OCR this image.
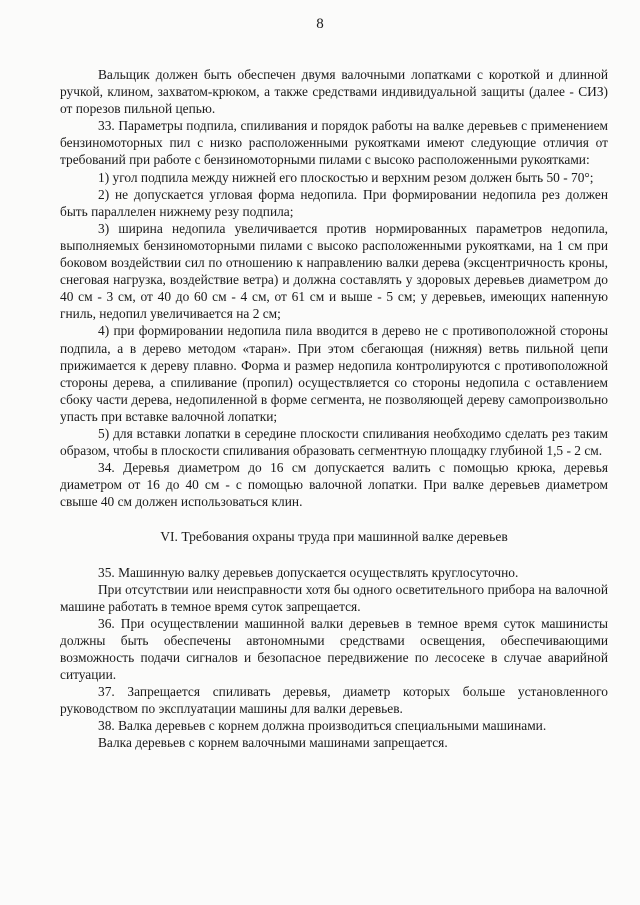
8

Вальщик должен быть обеспечен двумя валочными лопатками с короткой и длинной ручкой, клином, захватом-крюком, а также средствами индивидуальной защиты (далее - СИЗ) от порезов пильной цепью.

33. Параметры подпила, спиливания и порядок работы на валке деревьев с применением бензиномоторных пил с низко расположенными рукоятками имеют следующие отличия от требований при работе с бензиномоторными пилами с высоко расположенными рукоятками:

1) угол подпила между нижней его плоскостью и верхним резом должен быть 50 - 70°;

2) не допускается угловая форма недопила. При формировании недопила рез должен быть параллелен нижнему резу подпила;

3) ширина недопила увеличивается против нормированных параметров недопила, выполняемых бензиномоторными пилами с высоко расположенными рукоятками, на 1 см при боковом воздействии сил по отношению к направлению валки дерева (эксцентричность кроны, снеговая нагрузка, воздействие ветра) и должна составлять у здоровых деревьев диаметром до 40 см - 3 см, от 40 до 60 см - 4 см, от 61 см и выше - 5 см; у деревьев, имеющих напенную гниль, недопил увеличивается на 2 см;

4) при формировании недопила пила вводится в дерево не с противоположной стороны подпила, а в дерево методом «таран». При этом сбегающая (нижняя) ветвь пильной цепи прижимается к дереву плавно. Форма и размер недопила контролируются с противоположной стороны дерева, а спиливание (пропил) осуществляется со стороны недопила с оставлением сбоку части дерева, недопиленной в форме сегмента, не позволяющей дереву самопроизвольно упасть при вставке валочной лопатки;

5) для вставки лопатки в середине плоскости спиливания необходимо сделать рез таким образом, чтобы в плоскости спиливания образовать сегментную площадку глубиной 1,5 - 2 см.

34. Деревья диаметром до 16 см допускается валить с помощью крюка, деревья диаметром от 16 до 40 см - с помощью валочной лопатки. При валке деревьев диаметром свыше 40 см должен использоваться клин.

VI. Требования охраны труда при машинной валке деревьев

35. Машинную валку деревьев допускается осуществлять круглосуточно.

При отсутствии или неисправности хотя бы одного осветительного прибора на валочной машине работать в темное время суток запрещается.

36. При осуществлении машинной валки деревьев в темное время суток машинисты должны быть обеспечены автономными средствами освещения, обеспечивающими возможность подачи сигналов и безопасное передвижение по лесосеке в случае аварийной ситуации.

37. Запрещается спиливать деревья, диаметр которых больше установленного руководством по эксплуатации машины для валки деревьев.

38. Валка деревьев с корнем должна производиться специальными машинами.

Валка деревьев с корнем валочными машинами запрещается.
